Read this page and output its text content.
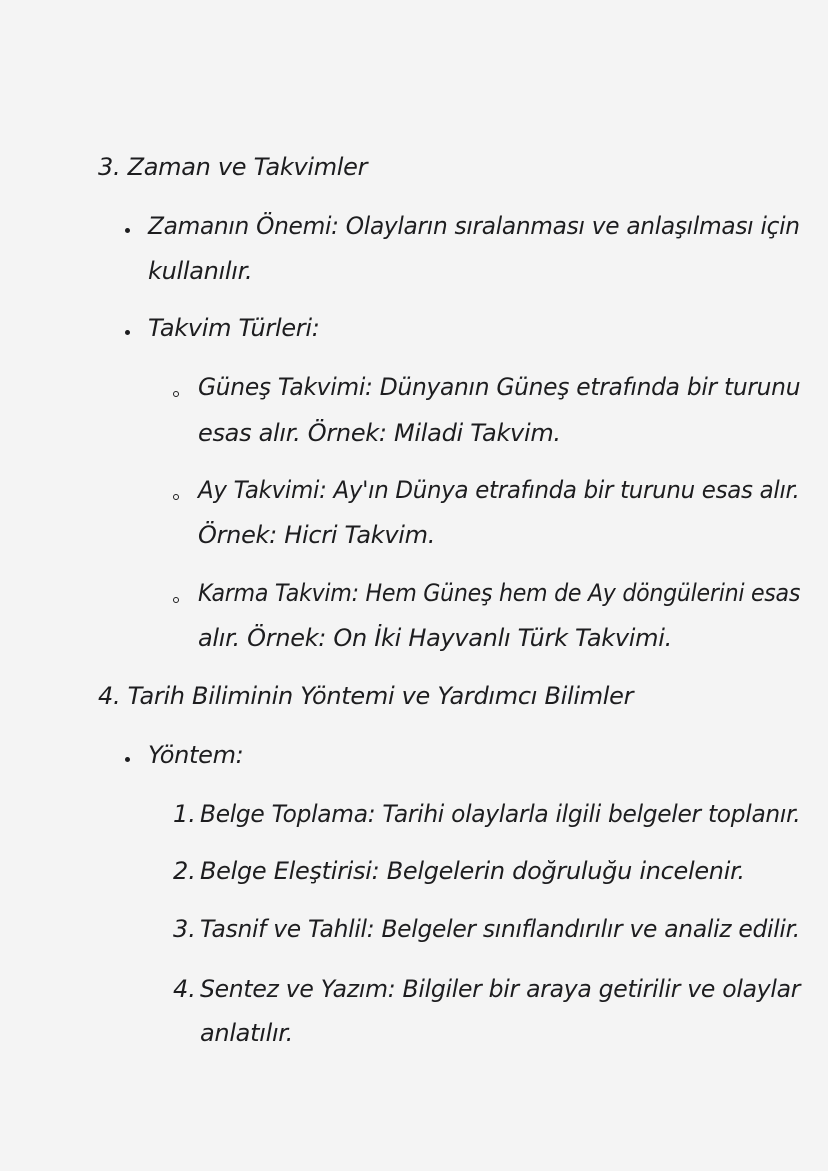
3. Zaman ve Takvimler
Zamanın Önemi: Olayların sıralanması ve anlaşılması için
kullanılır.
Takvim Türleri:
Güneş Takvimi: Dünyanın Güneş etrafında bir turunu
esas alır. Örnek: Miladi Takvim.
Ay Takvimi: Ay'ın Dünya etrafında bir turunu esas alır.
Örnek: Hicri Takvim.
Karma Takvim: Hem Güneş hem de Ay döngülerini esas
alır. Örnek: On İki Hayvanlı Türk Takvimi.
4. Tarih Biliminin Yöntemi ve Yardımcı Bilimler
Yöntem:
1. Belge Toplama: Tarihi olaylarla ilgili belgeler toplanır.
2. Belge Eleştirisi: Belgelerin doğruluğu incelenir.
3. Tasnif ve Tahlil: Belgeler sınıflandırılır ve analiz edilir.
4. Sentez ve Yazım: Bilgiler bir araya getirilir ve olaylar
anlatılır.
